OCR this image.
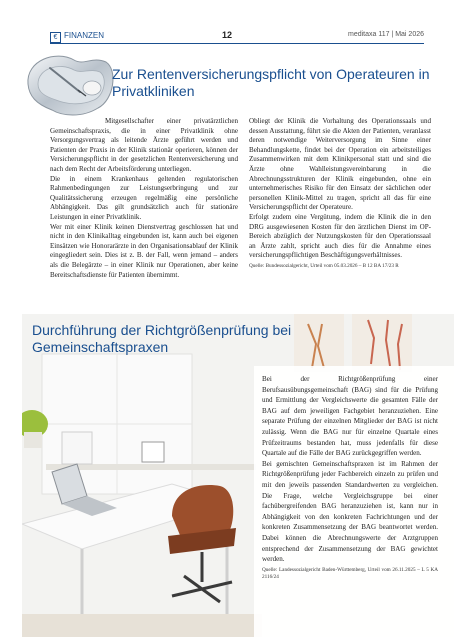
€ FINANZEN	12	meditaxa 117 | Mai 2026
Zur Rentenversicherungspflicht von Operateuren in Privatkliniken

Mitgesellschafter einer privatärztlichen Gemeinschaftspraxis, die in einer Privatklinik ohne Versorgungsvertrag als leitende Ärzte geführt werden und Patienten der Praxis in der Klinik stationär operieren, können der Versicherungspflicht in der gesetzlichen Rentenversicherung und nach dem Recht der Arbeitsförderung unterliegen.

Die in einem Krankenhaus geltenden regulatorischen Rahmenbedingungen zur Leistungserbringung und zur Qualitätssicherung erzeugen regelmäßig eine persönliche Abhängigkeit. Das gilt grundsätzlich auch für stationäre Leistungen in einer Privatklinik.

Wer mit einer Klinik keinen Dienstvertrag geschlossen hat und nicht in den Klinikalltag eingebunden ist, kann auch bei eigenen Einsätzen wie Honorarärzte in den Organisationsablauf der Klinik eingegliedert sein. Dies ist z. B. der Fall, wenn jemand – anders als die Belegärzte – in einer Klinik nur Operationen, aber keine Bereitschaftsdienste für Patienten übernimmt.

Obliegt der Klinik die Vorhaltung des Operationssaals und dessen Ausstattung, führt sie die Akten der Patienten, veranlasst deren notwendige Weiterversorgung im Sinne einer Behandlungskette, findet bei der Operation ein arbeitsteiliges Zusammenwirken mit dem Klinikpersonal statt und sind die Ärzte ohne Wahlleistungsvereinbarung in die Abrechnungsstrukturen der Klinik eingebunden, ohne ein unternehmerisches Risiko für den Einsatz der sächlichen oder personellen Klinik-Mittel zu tragen, spricht all das für eine Versicherungspflicht der Operateure.

Erfolgt zudem eine Vergütung, indem die Klinik die in den DRG ausgewiesenen Kosten für den ärztlichen Dienst im OP-Bereich abzüglich der Nutzungskosten für den Operationssaal an Ärzte zahlt, spricht auch dies für die Annahme eines versicherungspflichtigen Beschäftigungsverhältnisses.

Quelle: Bundessozialgericht, Urteil vom 05.03.2026 – B 12 BA 17/23 R

Durchführung der Richtgrößenprüfung bei Gemeinschaftspraxen

Bei der Richtgrößenprüfung einer Berufsausübungsgemeinschaft (BAG) sind für die Prüfung und Ermittlung der Vergleichswerte die gesamten Fälle der BAG auf dem jeweiligen Fachgebiet heranzuziehen. Eine separate Prüfung der einzelnen Mitglieder der BAG ist nicht zulässig. Wenn die BAG nur für einzelne Quartale eines Prüfzeitraums bestanden hat, muss jedenfalls für diese Quartale auf die Fälle der BAG zurückgegriffen werden.

Bei gemischten Gemeinschaftspraxen ist im Rahmen der Richtgrößenprüfung jeder Fachbereich einzeln zu prüfen und mit den jeweils passenden Standardwerten zu vergleichen. Die Frage, welche Vergleichsgruppe bei einer fachübergreifenden BAG heranzuziehen ist, kann nur in Abhängigkeit von den konkreten Fachrichtungen und der konkreten Zusammensetzung der BAG beantwortet werden. Dabei können die Abrechnungswerte der Arztgruppen entsprechend der Zusammensetzung der BAG gewichtet werden.

Quelle: Landessozialgericht Baden-Württemberg, Urteil vom 26.11.2025 – L 5 KA 2116/24
